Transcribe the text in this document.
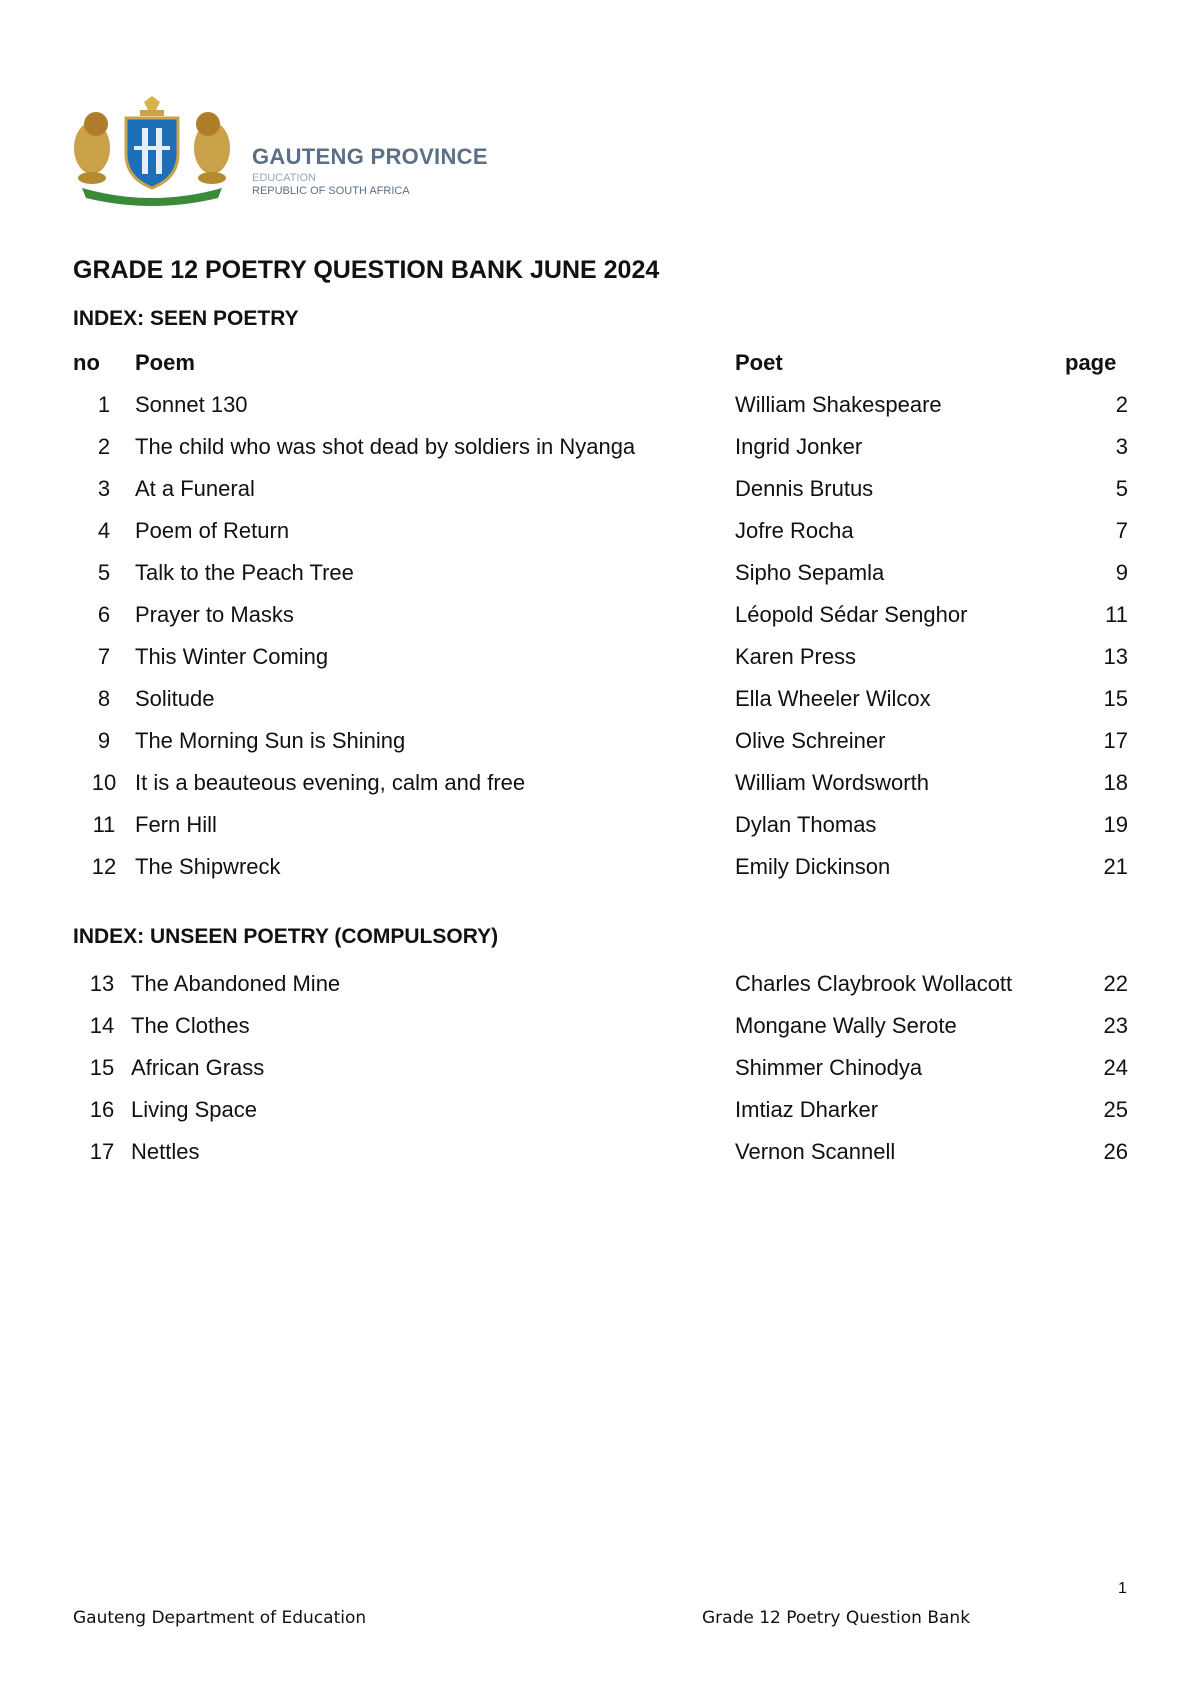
GAUTENG PROVINCE
EDUCATION
REPUBLIC OF SOUTH AFRICA
GRADE 12 POETRY QUESTION BANK JUNE 2024
INDEX: SEEN POETRY
no	Poem	Poet	page
1	Sonnet 130	William Shakespeare	2
2	The child who was shot dead by soldiers in Nyanga	Ingrid Jonker	3
3	At a Funeral	Dennis Brutus	5
4	Poem of Return	Jofre Rocha	7
5	Talk to the Peach Tree	Sipho Sepamla	9
6	Prayer to Masks	Léopold Sédar Senghor	11
7	This Winter Coming	Karen Press	13
8	Solitude	Ella Wheeler Wilcox	15
9	The Morning Sun is Shining	Olive Schreiner	17
10	It is a beauteous evening, calm and free	William Wordsworth	18
11	Fern Hill	Dylan Thomas	19
12	The Shipwreck	Emily Dickinson	21
INDEX: UNSEEN POETRY (COMPULSORY)
13	The Abandoned Mine	Charles Claybrook Wollacott	22
14	The Clothes	Mongane Wally Serote	23
15	African Grass	Shimmer Chinodya	24
16	Living Space	Imtiaz Dharker	25
17	Nettles	Vernon Scannell	26
1
Gauteng Department of Education	Grade 12 Poetry Question Bank
